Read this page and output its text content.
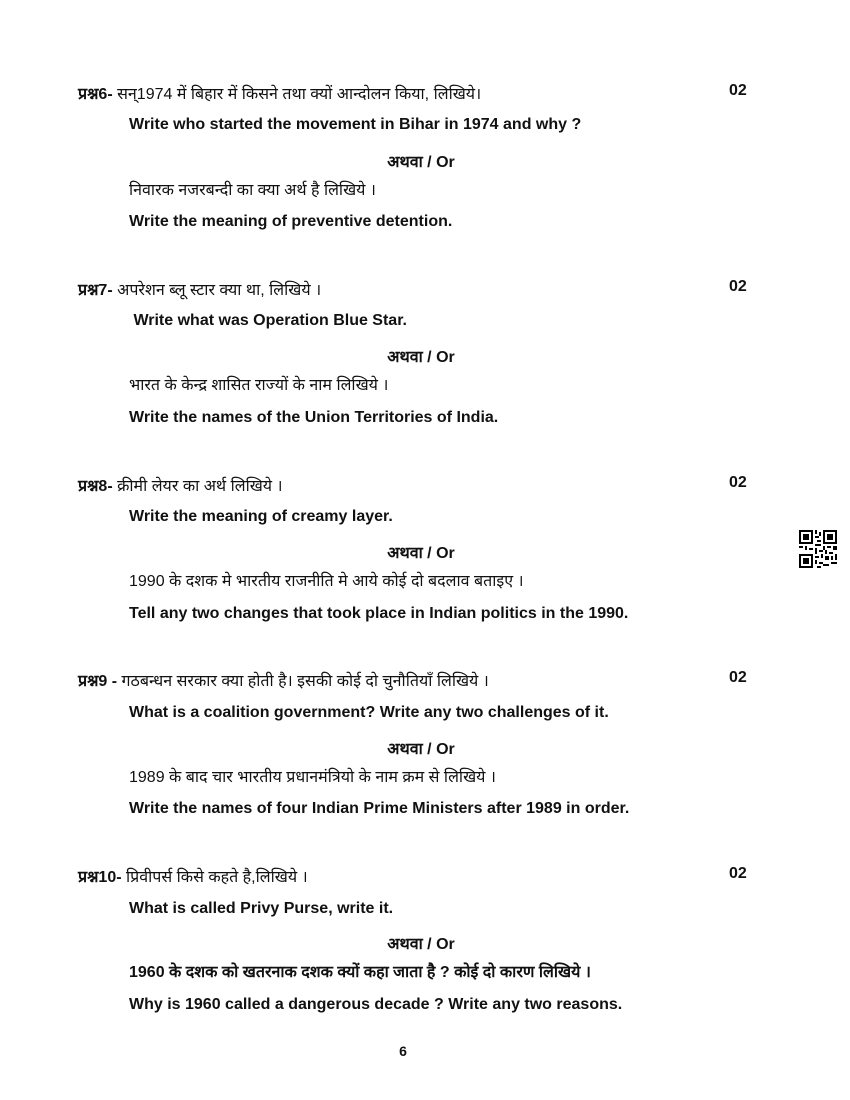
प्रश्न6- सन्1974 में बिहार में किसने तथा क्यों आन्दोलन किया, लिखिये।	02
Write who started the movement in Bihar in 1974 and why ?
अथवा / Or
निवारक नजरबन्दी का क्या अर्थ है लिखिये ।
Write the meaning of preventive detention.
प्रश्न7- अपरेशन ब्लू स्टार क्या था, लिखिये ।	02
Write what was Operation Blue Star.
अथवा / Or
भारत के केन्द्र शासित राज्यों के नाम लिखिये ।
Write the names of the Union Territories of India.
प्रश्न8- क्रीमी लेयर का अर्थ लिखिये ।	02
Write the meaning of creamy layer.
अथवा / Or
1990 के दशक मे भारतीय राजनीति मे आये कोई दो बदलाव बताइए ।
Tell any two changes that took place in Indian politics in the 1990.
प्रश्न9 - गठबन्धन सरकार क्या होती है। इसकी कोई दो चुनौतियाँ लिखिये ।	02
What is a coalition government? Write any two challenges of it.
अथवा / Or
1989 के बाद चार भारतीय प्रधानमंत्रियो के नाम क्रम से लिखिये ।
Write the names of four Indian Prime Ministers after 1989 in order.
प्रश्न10- प्रिवीपर्स किसे कहते है,लिखिये ।	02
What is called Privy Purse, write it.
अथवा / Or
1960 के दशक को खतरनाक दशक क्यों कहा जाता है ? कोई दो कारण लिखिये ।
Why is 1960 called a dangerous decade ? Write any two reasons.
6
